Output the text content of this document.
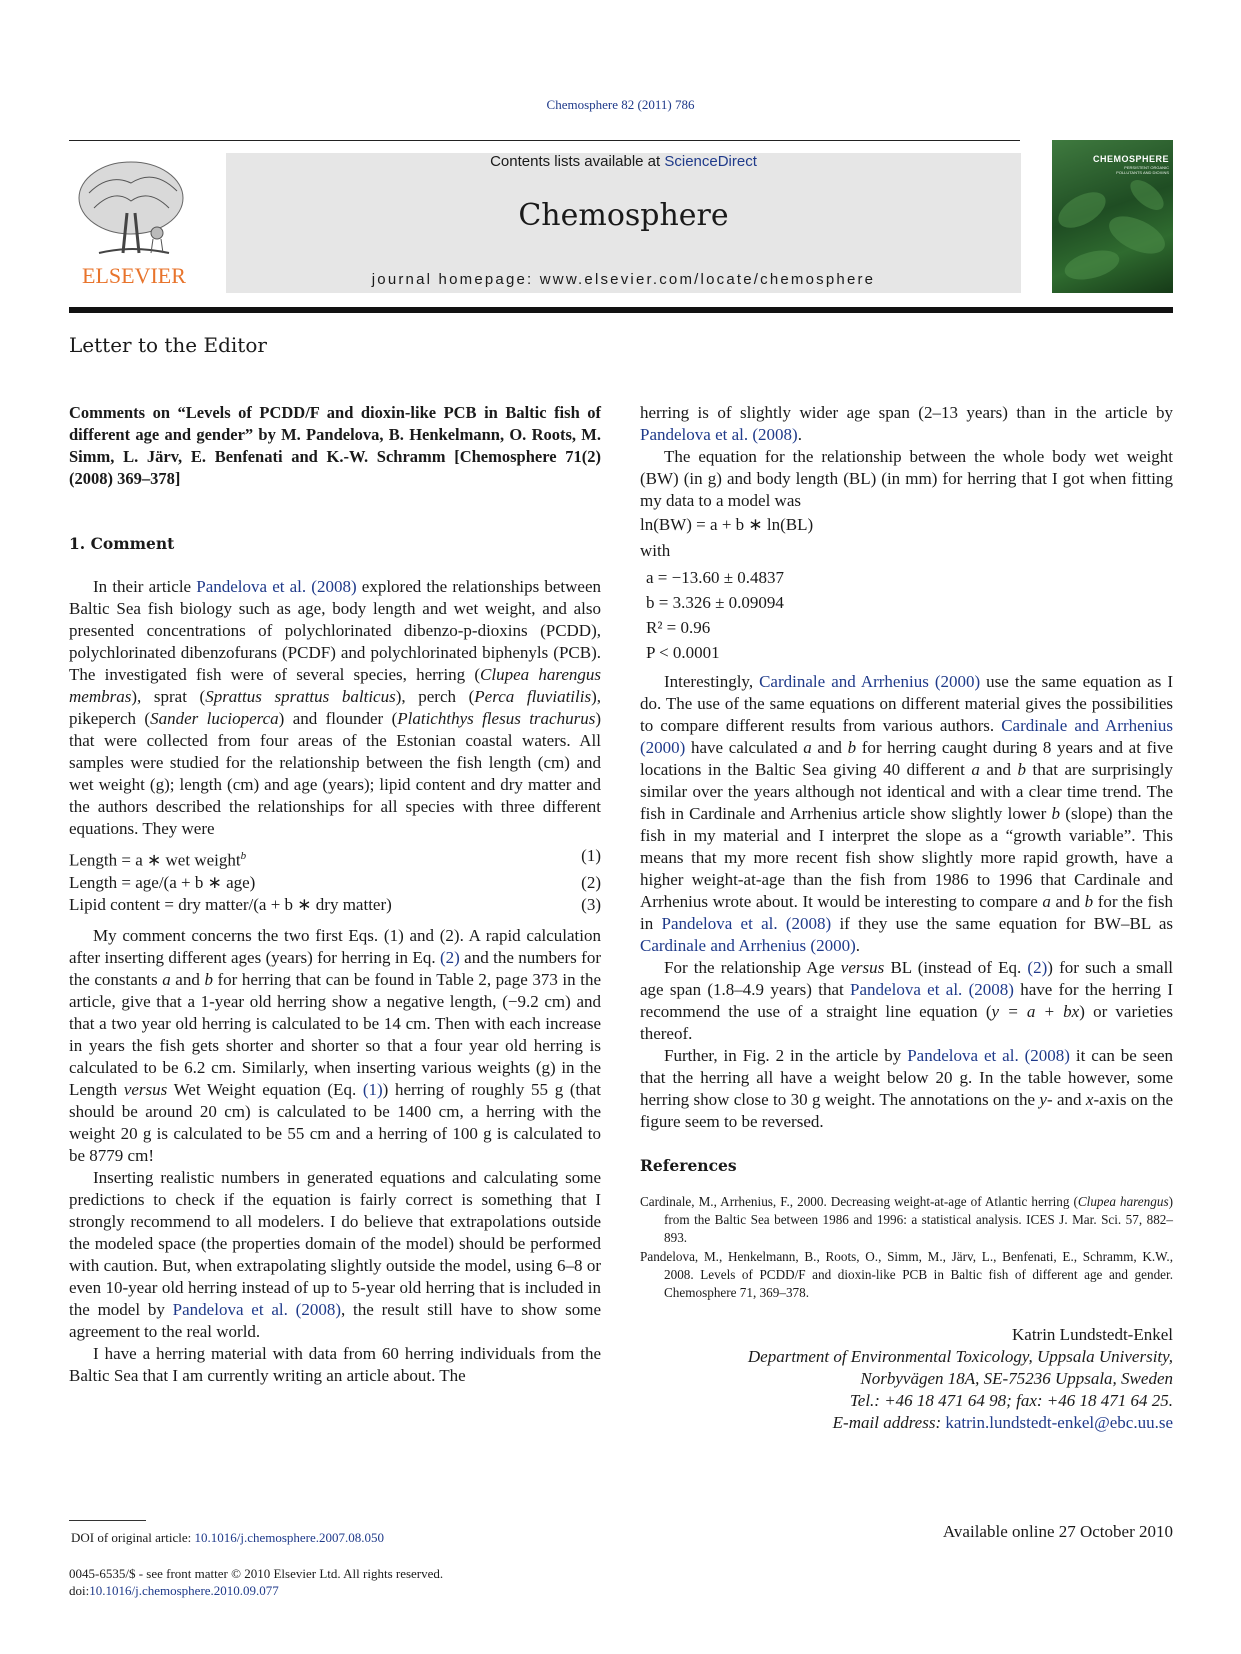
Chemosphere 82 (2011) 786
ELSEVIER
Contents lists available at ScienceDirect
Chemosphere
journal homepage: www.elsevier.com/locate/chemosphere
CHEMOSPHERE
PERSISTENT ORGANIC POLLUTANTS AND DIOXINS
Letter to the Editor
Comments on “Levels of PCDD/F and dioxin-like PCB in Baltic fish of different age and gender” by M. Pandelova, B. Henkelmann, O. Roots, M. Simm, L. Järv, E. Benfenati and K.-W. Schramm [Chemosphere 71(2) (2008) 369–378]
1. Comment

In their article Pandelova et al. (2008) explored the relationships between Baltic Sea fish biology such as age, body length and wet weight, and also presented concentrations of polychlorinated dibenzo-p-dioxins (PCDD), polychlorinated dibenzofurans (PCDF) and polychlorinated biphenyls (PCB). The investigated fish were of several species, herring (Clupea harengus membras), sprat (Sprattus sprattus balticus), perch (Perca fluviatilis), pikeperch (Sander lucioperca) and flounder (Platichthys flesus trachurus) that were collected from four areas of the Estonian coastal waters. All samples were studied for the relationship between the fish length (cm) and wet weight (g); length (cm) and age (years); lipid content and dry matter and the authors described the relationships for all species with three different equations. They were

Length = a ∗ wet weight$^b$	(1)
Length = age/(a + b ∗ age)	(2)
Lipid content = dry matter/(a + b ∗ dry matter)	(3)

My comment concerns the two first Eqs. (1) and (2). A rapid calculation after inserting different ages (years) for herring in Eq. (2) and the numbers for the constants a and b for herring that can be found in Table 2, page 373 in the article, give that a 1-year old herring show a negative length, (−9.2 cm) and that a two year old herring is calculated to be 14 cm. Then with each increase in years the fish gets shorter and shorter so that a four year old herring is calculated to be 6.2 cm. Similarly, when inserting various weights (g) in the Length versus Wet Weight equation (Eq. (1)) herring of roughly 55 g (that should be around 20 cm) is calculated to be 1400 cm, a herring with the weight 20 g is calculated to be 55 cm and a herring of 100 g is calculated to be 8779 cm!

Inserting realistic numbers in generated equations and calculating some predictions to check if the equation is fairly correct is something that I strongly recommend to all modelers. I do believe that extrapolations outside the modeled space (the properties domain of the model) should be performed with caution. But, when extrapolating slightly outside the model, using 6–8 or even 10-year old herring instead of up to 5-year old herring that is included in the model by Pandelova et al. (2008), the result still have to show some agreement to the real world.

I have a herring material with data from 60 herring individuals from the Baltic Sea that I am currently writing an article about. The

herring is of slightly wider age span (2–13 years) than in the article by Pandelova et al. (2008).

The equation for the relationship between the whole body wet weight (BW) (in g) and body length (BL) (in mm) for herring that I got when fitting my data to a model was

ln(BW) = a + b ∗ ln(BL)
with
a = −13.60 ± 0.4837
b = 3.326 ± 0.09094
R² = 0.96
P < 0.0001

Interestingly, Cardinale and Arrhenius (2000) use the same equation as I do. The use of the same equations on different material gives the possibilities to compare different results from various authors. Cardinale and Arrhenius (2000) have calculated a and b for herring caught during 8 years and at five locations in the Baltic Sea giving 40 different a and b that are surprisingly similar over the years although not identical and with a clear time trend. The fish in Cardinale and Arrhenius article show slightly lower b (slope) than the fish in my material and I interpret the slope as a “growth variable”. This means that my more recent fish show slightly more rapid growth, have a higher weight-at-age than the fish from 1986 to 1996 that Cardinale and Arrhenius wrote about. It would be interesting to compare a and b for the fish in Pandelova et al. (2008) if they use the same equation for BW–BL as Cardinale and Arrhenius (2000).

For the relationship Age versus BL (instead of Eq. (2)) for such a small age span (1.8–4.9 years) that Pandelova et al. (2008) have for the herring I recommend the use of a straight line equation (y = a + bx) or varieties thereof.

Further, in Fig. 2 in the article by Pandelova et al. (2008) it can be seen that the herring all have a weight below 20 g. In the table however, some herring show close to 30 g weight. The annotations on the y- and x-axis on the figure seem to be reversed.

References
Cardinale, M., Arrhenius, F., 2000. Decreasing weight-at-age of Atlantic herring (Clupea harengus) from the Baltic Sea between 1986 and 1996: a statistical analysis. ICES J. Mar. Sci. 57, 882–893.
Pandelova, M., Henkelmann, B., Roots, O., Simm, M., Järv, L., Benfenati, E., Schramm, K.W., 2008. Levels of PCDD/F and dioxin-like PCB in Baltic fish of different age and gender. Chemosphere 71, 369–378.
Katrin Lundstedt-Enkel
Department of Environmental Toxicology, Uppsala University,
Norbyvägen 18A, SE-75236 Uppsala, Sweden
Tel.: +46 18 471 64 98; fax: +46 18 471 64 25.
E-mail address: katrin.lundstedt-enkel@ebc.uu.se
Available online 27 October 2010
DOI of original article: 10.1016/j.chemosphere.2007.08.050
0045-6535/$ - see front matter © 2010 Elsevier Ltd. All rights reserved.
doi:10.1016/j.chemosphere.2010.09.077
